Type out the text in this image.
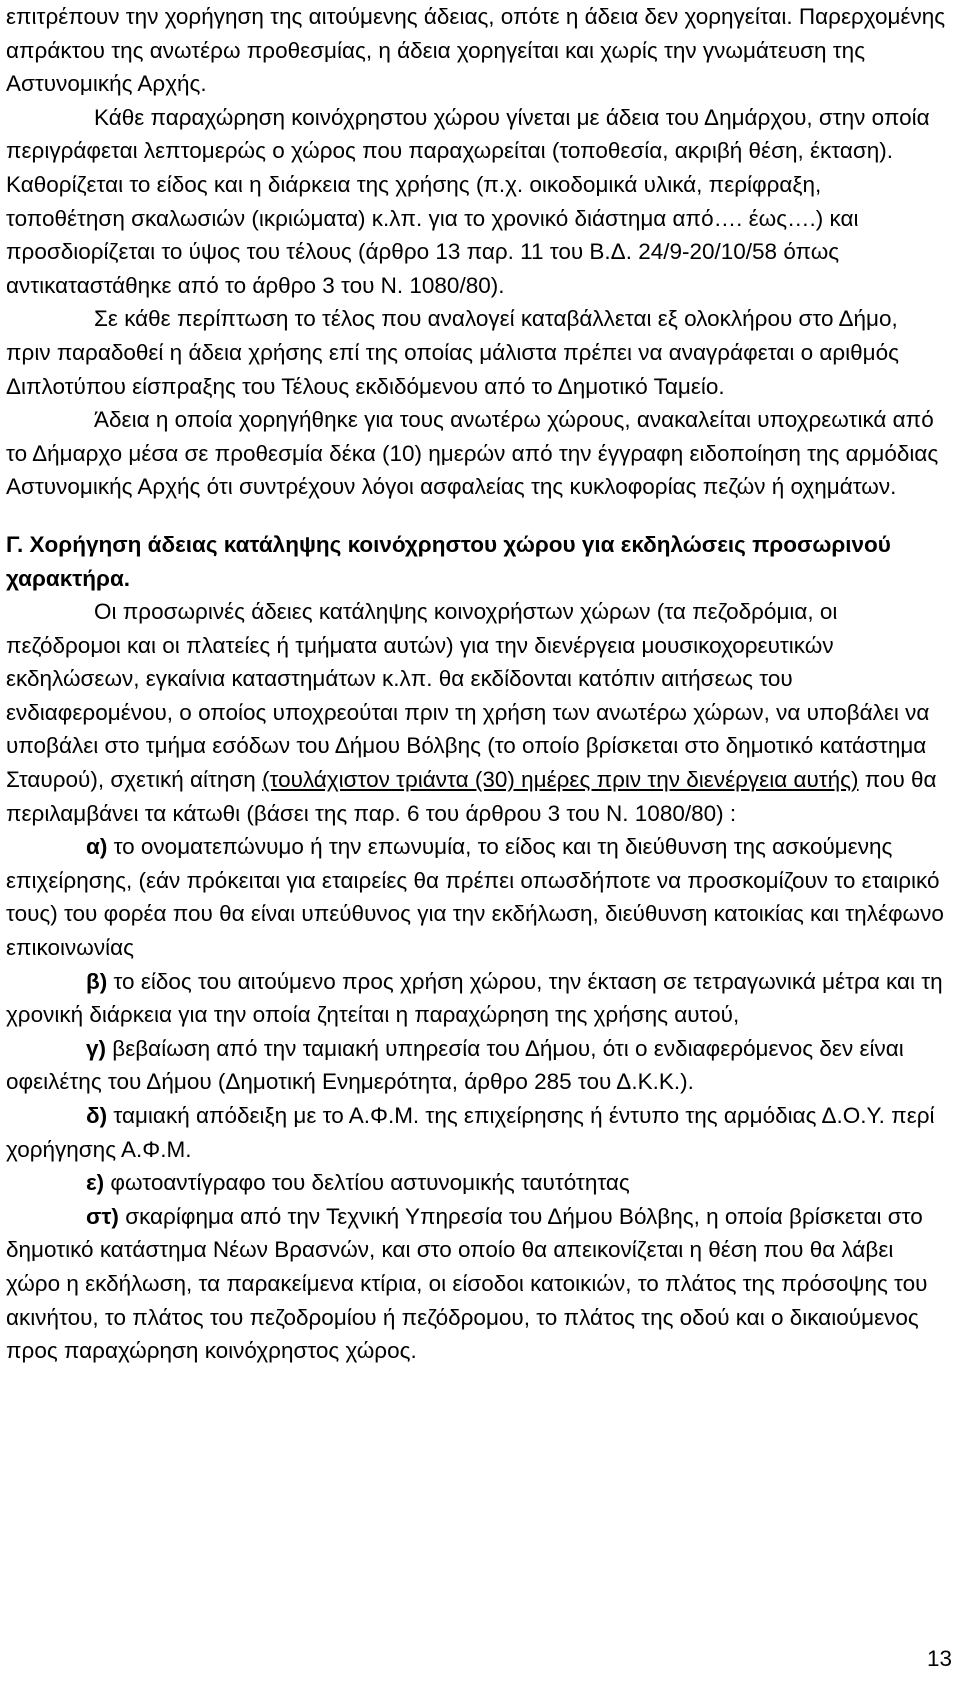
επιτρέπουν την χορήγηση της αιτούμενης άδειας, οπότε η άδεια δεν χορηγείται. Παρερχομένης απράκτου της ανωτέρω προθεσμίας, η άδεια χορηγείται και χωρίς την γνωμάτευση της Αστυνομικής Αρχής.

Κάθε παραχώρηση κοινόχρηστου χώρου γίνεται με άδεια του Δημάρχου, στην οποία περιγράφεται λεπτομερώς ο χώρος που παραχωρείται (τοποθεσία, ακριβή θέση, έκταση). Καθορίζεται το είδος και η διάρκεια της χρήσης (π.χ. οικοδομικά υλικά, περίφραξη, τοποθέτηση σκαλωσιών (ικριώματα) κ.λπ. για το χρονικό διάστημα από…. έως….) και προσδιορίζεται το ύψος του τέλους (άρθρο 13 παρ. 11 του Β.Δ. 24/9-20/10/58 όπως αντικαταστάθηκε από το άρθρο 3 του Ν. 1080/80).

Σε κάθε περίπτωση το τέλος που αναλογεί καταβάλλεται εξ ολοκλήρου στο Δήμο, πριν παραδοθεί η άδεια χρήσης επί της οποίας μάλιστα πρέπει να αναγράφεται ο αριθμός Διπλοτύπου είσπραξης του Τέλους εκδιδόμενου από το Δημοτικό Ταμείο.

Άδεια η οποία χορηγήθηκε για τους ανωτέρω χώρους, ανακαλείται υποχρεωτικά από το Δήμαρχο μέσα σε προθεσμία δέκα (10) ημερών από την έγγραφη ειδοποίηση της αρμόδιας Αστυνομικής Αρχής ότι συντρέχουν λόγοι ασφαλείας της κυκλοφορίας πεζών ή οχημάτων.

Γ. Χορήγηση άδειας κατάληψης κοινόχρηστου χώρου για εκδηλώσεις προσωρινού χαρακτήρα.

Οι προσωρινές άδειες κατάληψης κοινοχρήστων χώρων (τα πεζοδρόμια, οι πεζόδρομοι και οι πλατείες ή τμήματα αυτών) για την διενέργεια μουσικοχορευτικών εκδηλώσεων, εγκαίνια καταστημάτων κ.λπ. θα εκδίδονται κατόπιν αιτήσεως του ενδιαφερομένου, ο οποίος υποχρεούται πριν τη χρήση των ανωτέρω χώρων, να υποβάλει να υποβάλει στο τμήμα εσόδων του Δήμου Βόλβης (το οποίο βρίσκεται στο δημοτικό κατάστημα Σταυρού), σχετική αίτηση (τουλάχιστον τριάντα (30) ημέρες πριν την διενέργεια αυτής) που θα περιλαμβάνει τα κάτωθι (βάσει της παρ. 6 του άρθρου 3 του Ν. 1080/80) :

α) το ονοματεπώνυμο ή την επωνυμία, το είδος και τη διεύθυνση της ασκούμενης επιχείρησης, (εάν πρόκειται για εταιρείες θα πρέπει οπωσδήποτε να προσκομίζουν το εταιρικό τους) του φορέα που θα είναι υπεύθυνος για την εκδήλωση, διεύθυνση κατοικίας και τηλέφωνο επικοινωνίας

β) το είδος του αιτούμενο προς χρήση χώρου, την έκταση σε τετραγωνικά μέτρα και τη χρονική διάρκεια για την οποία ζητείται η παραχώρηση της χρήσης αυτού,

γ) βεβαίωση από την ταμιακή υπηρεσία του Δήμου, ότι ο ενδιαφερόμενος δεν είναι οφειλέτης του Δήμου (Δημοτική Ενημερότητα, άρθρο 285 του Δ.Κ.Κ.).

δ) ταμιακή απόδειξη με το Α.Φ.Μ. της επιχείρησης ή έντυπο της αρμόδιας Δ.Ο.Υ. περί χορήγησης Α.Φ.Μ.

ε) φωτοαντίγραφο του δελτίου αστυνομικής ταυτότητας

στ) σκαρίφημα από την Τεχνική Υπηρεσία του Δήμου Βόλβης, η οποία βρίσκεται στο δημοτικό κατάστημα Νέων Βρασνών, και στο οποίο θα απεικονίζεται η θέση που θα λάβει χώρο η εκδήλωση, τα παρακείμενα κτίρια, οι είσοδοι κατοικιών, το πλάτος της πρόσοψης του ακινήτου, το πλάτος του πεζοδρομίου ή πεζόδρομου, το πλάτος της οδού και ο δικαιούμενος προς παραχώρηση κοινόχρηστος χώρος.

13
